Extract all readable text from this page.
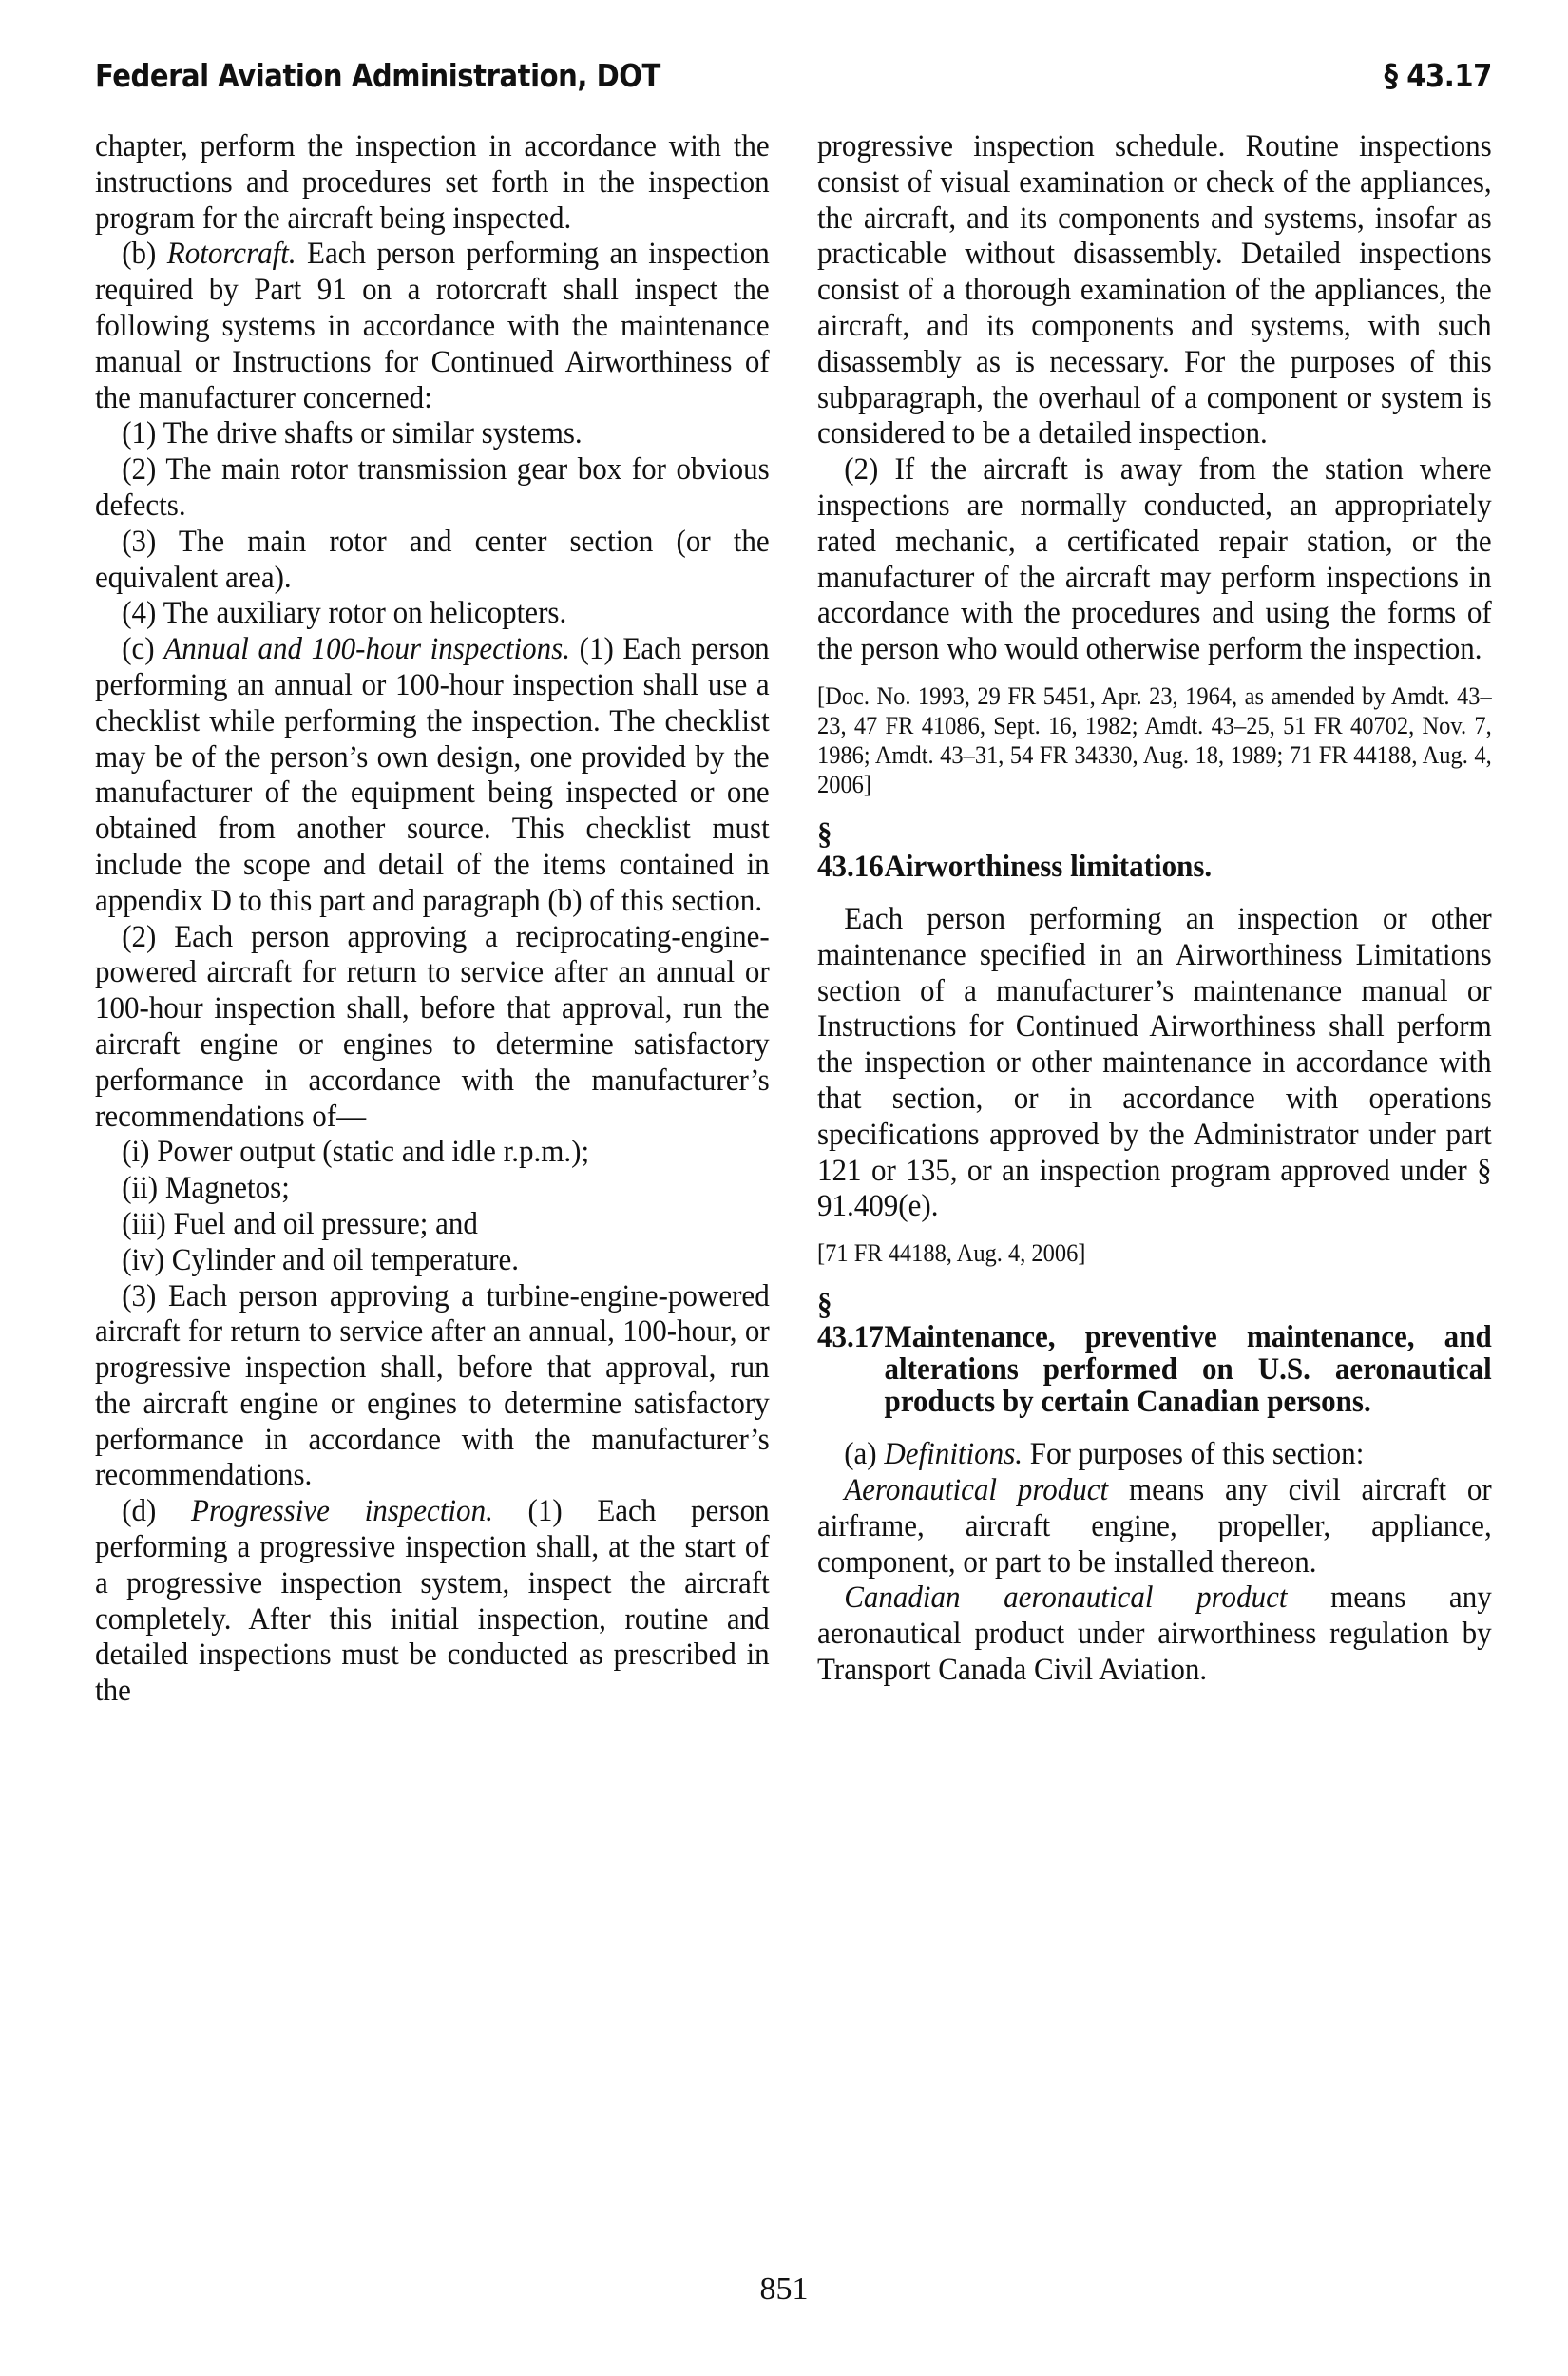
Federal Aviation Administration, DOT	§ 43.17

chapter, perform the inspection in accordance with the instructions and procedures set forth in the inspection program for the aircraft being inspected.

(b) Rotorcraft. Each person performing an inspection required by Part 91 on a rotorcraft shall inspect the following systems in accordance with the maintenance manual or Instructions for Continued Airworthiness of the manufacturer concerned:

(1) The drive shafts or similar systems.

(2) The main rotor transmission gear box for obvious defects.

(3) The main rotor and center section (or the equivalent area).

(4) The auxiliary rotor on helicopters.

(c) Annual and 100-hour inspections. (1) Each person performing an annual or 100-hour inspection shall use a checklist while performing the inspection. The checklist may be of the person’s own design, one provided by the manufacturer of the equipment being inspected or one obtained from another source. This checklist must include the scope and detail of the items contained in appendix D to this part and paragraph (b) of this section.

(2) Each person approving a reciprocating-engine-powered aircraft for return to service after an annual or 100-hour inspection shall, before that approval, run the aircraft engine or engines to determine satisfactory performance in accordance with the manufacturer’s recommendations of—

(i) Power output (static and idle r.p.m.);

(ii) Magnetos;

(iii) Fuel and oil pressure; and

(iv) Cylinder and oil temperature.

(3) Each person approving a turbine-engine-powered aircraft for return to service after an annual, 100-hour, or progressive inspection shall, before that approval, run the aircraft engine or engines to determine satisfactory performance in accordance with the manufacturer’s recommendations.

(d) Progressive inspection. (1) Each person performing a progressive inspection shall, at the start of a progressive inspection system, inspect the aircraft completely. After this initial inspection, routine and detailed inspections must be conducted as prescribed in the

progressive inspection schedule. Routine inspections consist of visual examination or check of the appliances, the aircraft, and its components and systems, insofar as practicable without disassembly. Detailed inspections consist of a thorough examination of the appliances, the aircraft, and its components and systems, with such disassembly as is necessary. For the purposes of this subparagraph, the overhaul of a component or system is considered to be a detailed inspection.

(2) If the aircraft is away from the station where inspections are normally conducted, an appropriately rated mechanic, a certificated repair station, or the manufacturer of the aircraft may perform inspections in accordance with the procedures and using the forms of the person who would otherwise perform the inspection.

[Doc. No. 1993, 29 FR 5451, Apr. 23, 1964, as amended by Amdt. 43–23, 47 FR 41086, Sept. 16, 1982; Amdt. 43–25, 51 FR 40702, Nov. 7, 1986; Amdt. 43–31, 54 FR 34330, Aug. 18, 1989; 71 FR 44188, Aug. 4, 2006]

§ 43.16Airworthiness limitations.

Each person performing an inspection or other maintenance specified in an Airworthiness Limitations section of a manufacturer’s maintenance manual or Instructions for Continued Airworthiness shall perform the inspection or other maintenance in accordance with that section, or in accordance with operations specifications approved by the Administrator under part 121 or 135, or an inspection program approved under § 91.409(e).

[71 FR 44188, Aug. 4, 2006]

§ 43.17Maintenance, preventive maintenance, and alterations performed on U.S. aeronautical products by certain Canadian persons.

(a) Definitions. For purposes of this section:

Aeronautical product means any civil aircraft or airframe, aircraft engine, propeller, appliance, component, or part to be installed thereon.

Canadian aeronautical product means any aeronautical product under airworthiness regulation by Transport Canada Civil Aviation.

851
